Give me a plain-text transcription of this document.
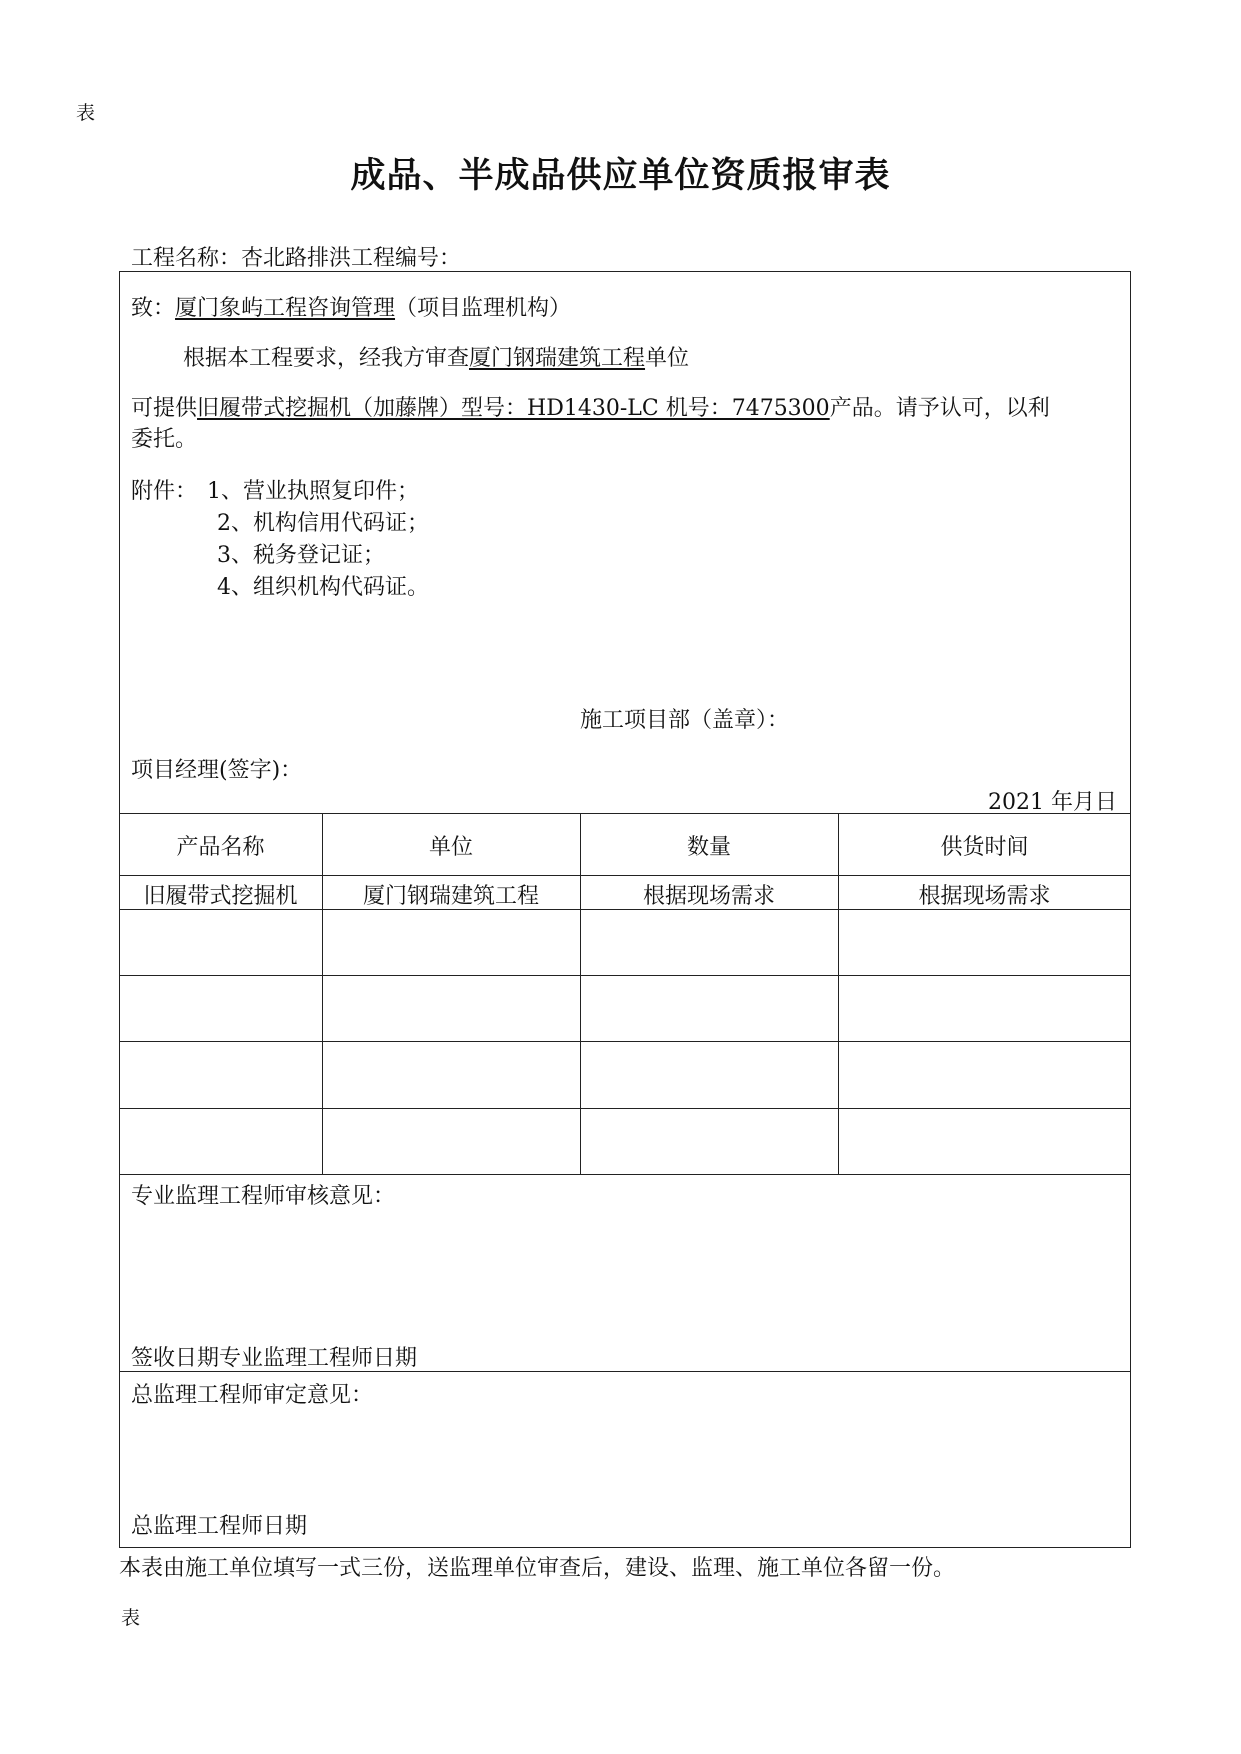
表
成品、半成品供应单位资质报审表
工程名称：杏北路排洪工程编号：
致：厦门象屿工程咨询管理（项目监理机构）
根据本工程要求，经我方审查厦门钢瑞建筑工程单位
可提供旧履带式挖掘机（加藤牌）型号：HD1430-LC 机号：7475300产品。请予认可，以利
委托。
附件： 1、营业执照复印件；
2、机构信用代码证；
3、税务登记证；
4、组织机构代码证。
施工项目部（盖章）：
项目经理(签字)：
2021 年月日
产品名称	单位	数量	供货时间
旧履带式挖掘机	厦门钢瑞建筑工程	根据现场需求	根据现场需求
专业监理工程师审核意见：
签收日期专业监理工程师日期
总监理工程师审定意见：
总监理工程师日期
本表由施工单位填写一式三份，送监理单位审查后，建设、监理、施工单位各留一份。
表
